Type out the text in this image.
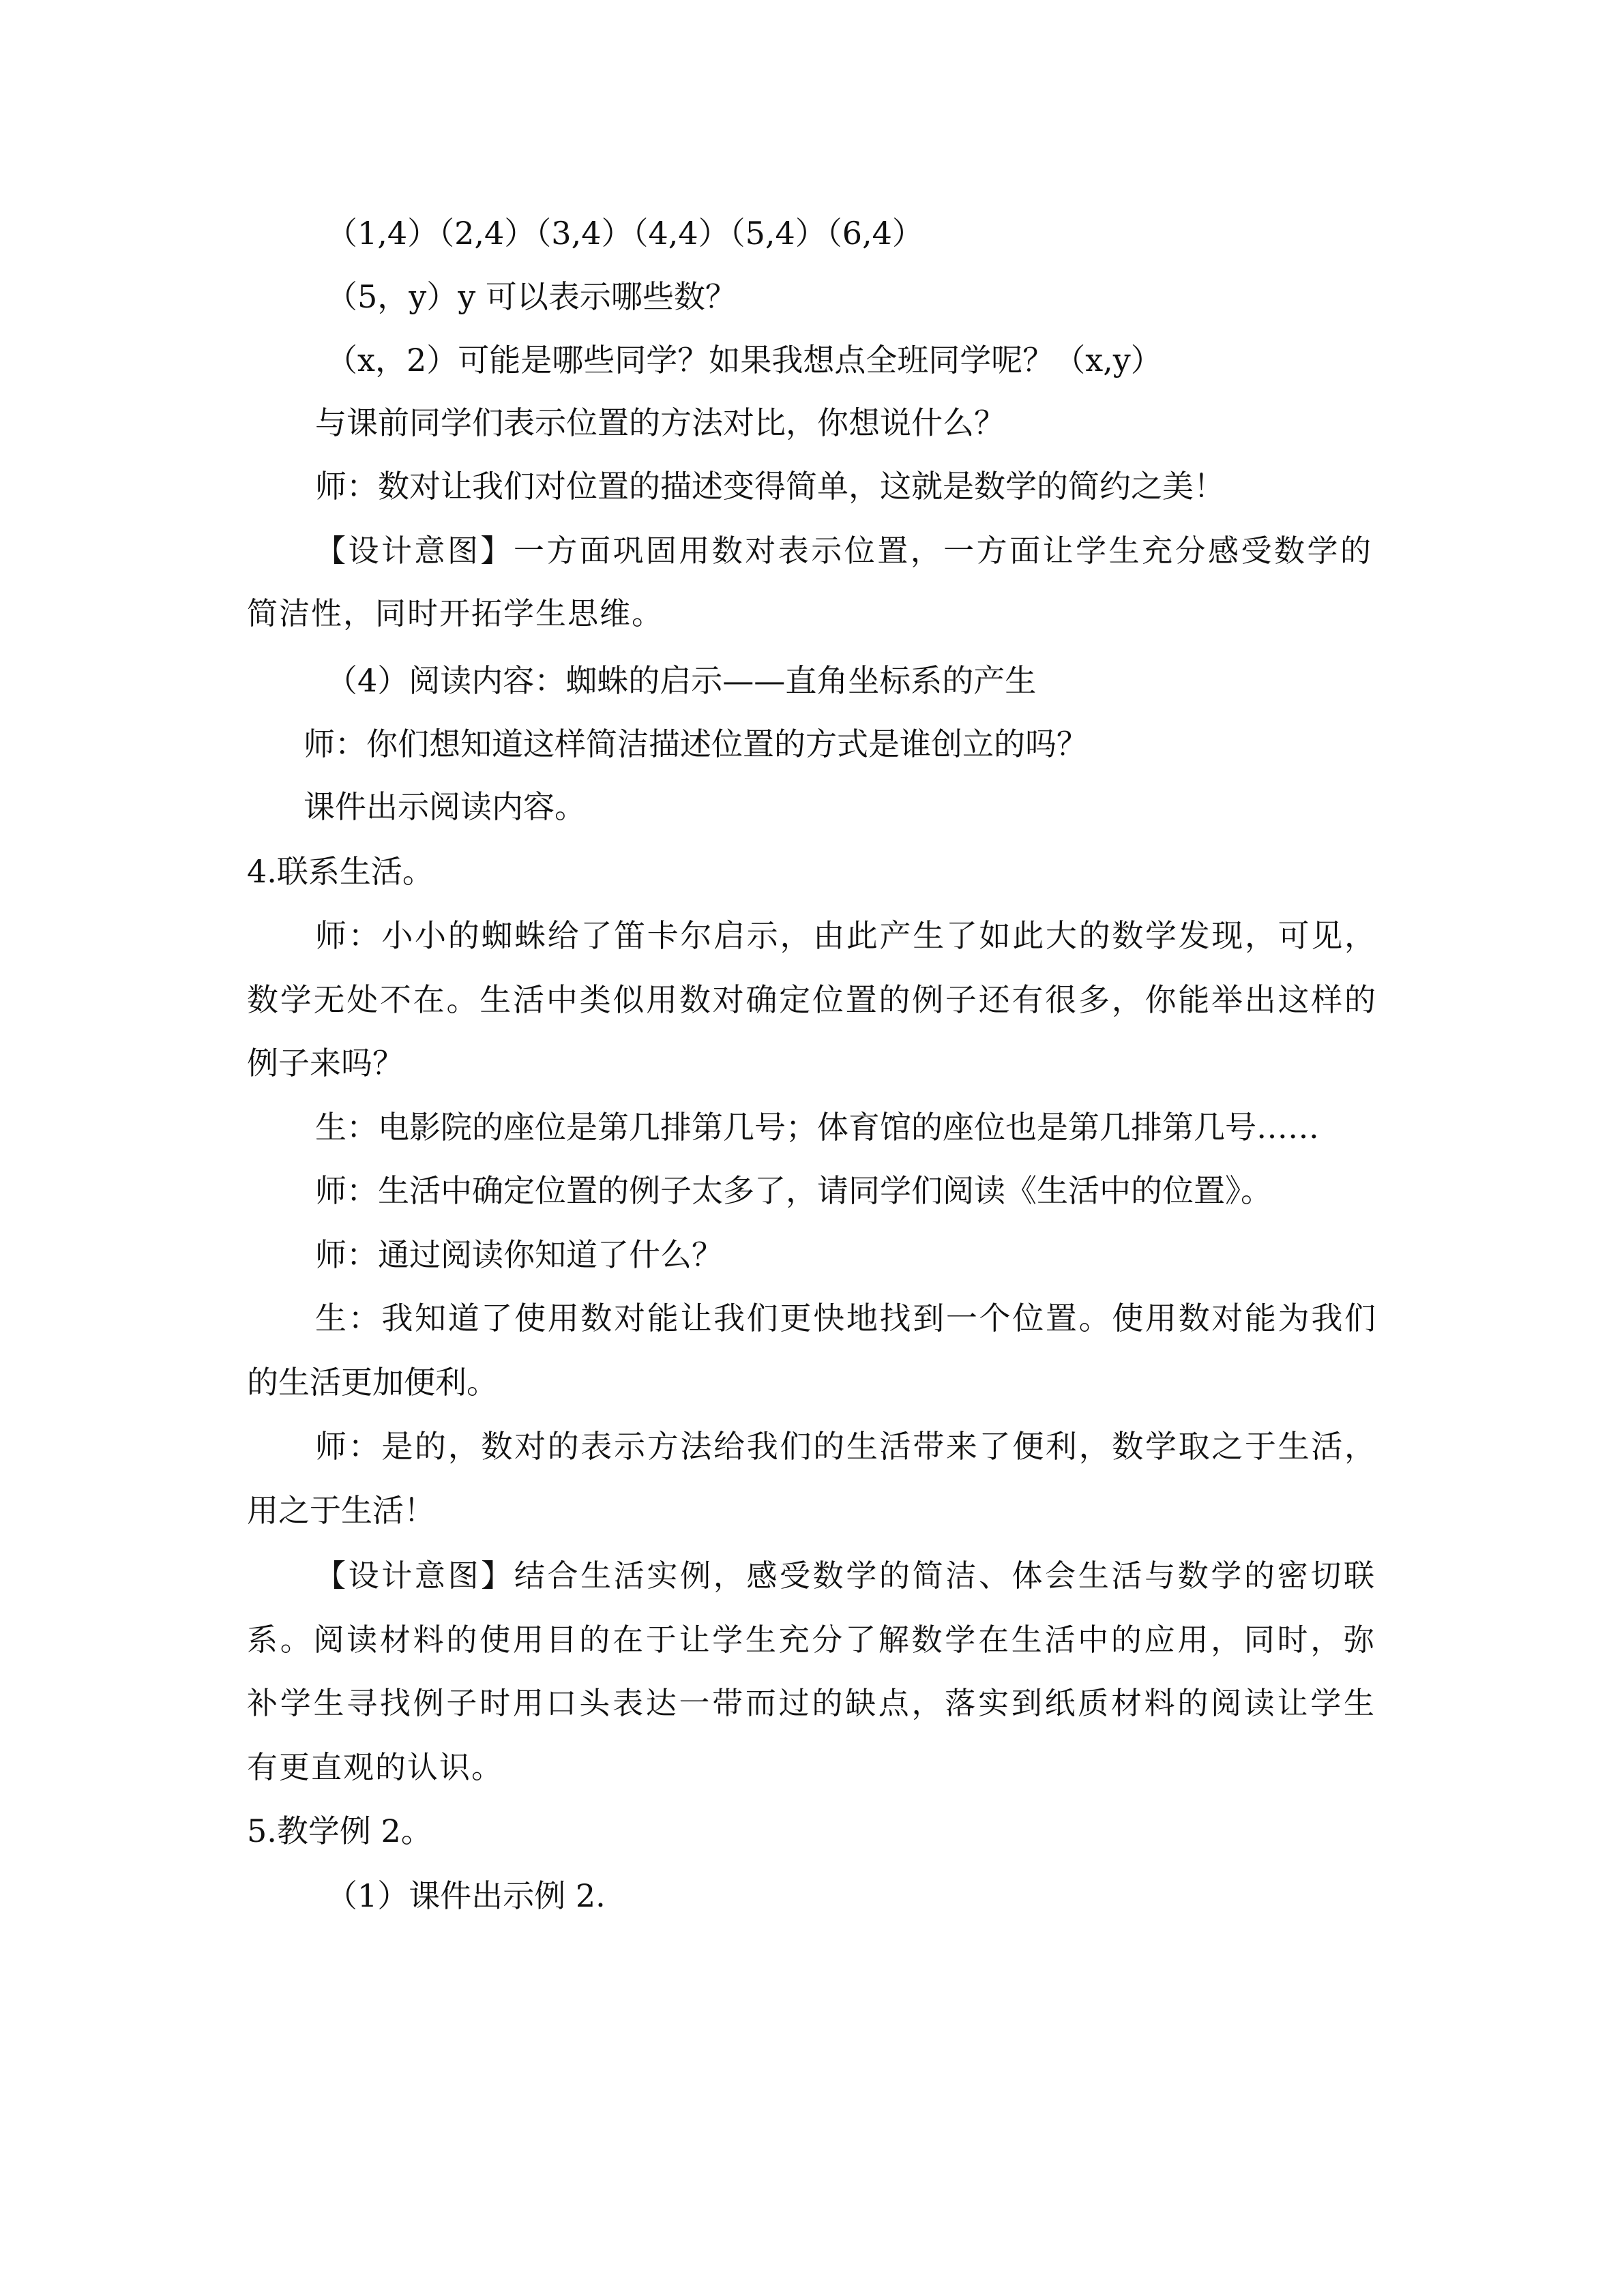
（1,4）（2,4）（3,4）（4,4）（5,4）（6,4）

（5，y）y 可以表示哪些数？

（x，2）可能是哪些同学？如果我想点全班同学呢？（x,y）

与课前同学们表示位置的方法对比，你想说什么？

师：数对让我们对位置的描述变得简单，这就是数学的简约之美！

【设计意图】一方面巩固用数对表示位置，一方面让学生充分感受数学的

简洁性，同时开拓学生思维。

（4）阅读内容：蜘蛛的启示——直角坐标系的产生

师：你们想知道这样简洁描述位置的方式是谁创立的吗？

课件出示阅读内容。

4.联系生活。

师：小小的蜘蛛给了笛卡尔启示，由此产生了如此大的数学发现，可见，

数学无处不在。生活中类似用数对确定位置的例子还有很多，你能举出这样的

例子来吗？

生：电影院的座位是第几排第几号；体育馆的座位也是第几排第几号……

师：生活中确定位置的例子太多了，请同学们阅读《生活中的位置》。

师：通过阅读你知道了什么？

生：我知道了使用数对能让我们更快地找到一个位置。使用数对能为我们

的生活更加便利。

师：是的，数对的表示方法给我们的生活带来了便利，数学取之于生活，

用之于生活！

【设计意图】结合生活实例，感受数学的简洁、体会生活与数学的密切联

系。阅读材料的使用目的在于让学生充分了解数学在生活中的应用，同时，弥

补学生寻找例子时用口头表达一带而过的缺点，落实到纸质材料的阅读让学生

有更直观的认识。

5.教学例 2。

（1）课件出示例 2.
